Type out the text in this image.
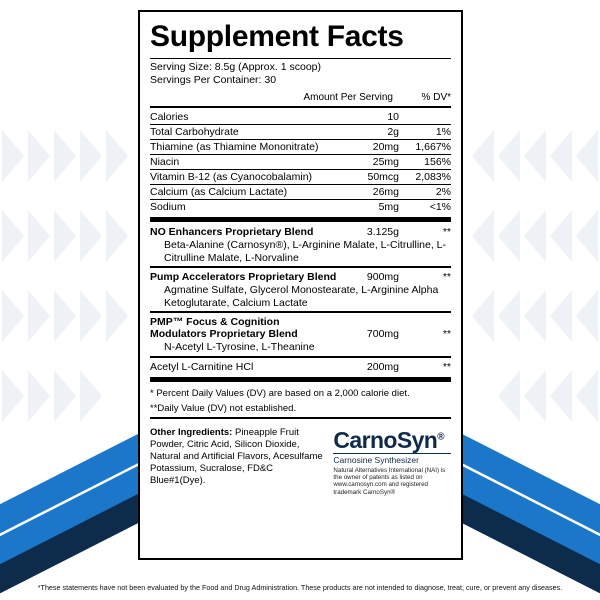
Supplement Facts
Serving Size: 8.5g (Approx. 1 scoop)
Servings Per Container: 30
Amount Per Serving	% DV*
Calories	10	
Total Carbohydrate	2g	1%
Thiamine (as Thiamine Mononitrate)	20mg	1,667%
Niacin	25mg	156%
Vitamin B-12 (as Cyanocobalamin)	50mcg	2,083%
Calcium (as Calcium Lactate)	26mg	2%
Sodium	5mg	<1%
NO Enhancers Proprietary Blend	3.125g	**
Beta-Alanine (Carnosyn®), L-Arginine Malate, L-Citrulline, L-Citrulline Malate, L-Norvaline
Pump Accelerators Proprietary Blend	900mg	**
Agmatine Sulfate, Glycerol Monostearate, L-Arginine Alpha Ketoglutarate, Calcium Lactate
PMP™ Focus & Cognition Modulators Proprietary Blend	700mg	**
N-Acetyl L-Tyrosine, L-Theanine
Acetyl L-Carnitine HCl	200mg	**
* Percent Daily Values (DV) are based on a 2,000 calorie diet.
**Daily Value (DV) not established.
Other Ingredients: Pineapple Fruit Powder, Citric Acid, Silicon Dioxide, Natural and Artificial Flavors, Acesulfame Potassium, Sucralose, FD&C Blue#1(Dye).
CarnoSyn®
Carnosine Synthesizer
Natural Alternatives International (NAI) is the owner of patents as listed on www.carnosyn.com and registered trademark CarnoSyn®
*These statements have not been evaluated by the Food and Drug Administration. These products are not intended to diagnose, treat, cure, or prevent any diseases.
